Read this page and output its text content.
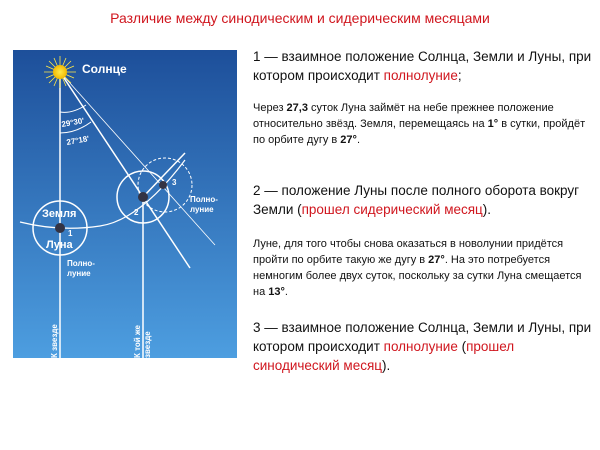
Различие между синодическим и сидерическим месяцами
Солнце
29°30'
27°18'
Земля
Луна
1
2
3
Полно-
луние
Полно-
луние
К звезде	К той же звезде
1 — взаимное положение Солнца, Земли и Луны, при котором происходит полнолуние;
Через 27,3 суток Луна займёт на небе прежнее положение относительно звёзд. Земля, перемещаясь на 1° в сутки, пройдёт по орбите дугу в 27°.
2 — положение Луны после полного оборота вокруг Земли (прошел сидерический месяц).
Луне, для того чтобы снова оказаться в новолунии придётся пройти по орбите такую же дугу в 27°. На это потребуется немногим более двух суток, поскольку за сутки Луна смещается на 13°.
3 — взаимное положение Солнца, Земли и Луны, при котором происходит полнолуние (прошел синодический месяц).
